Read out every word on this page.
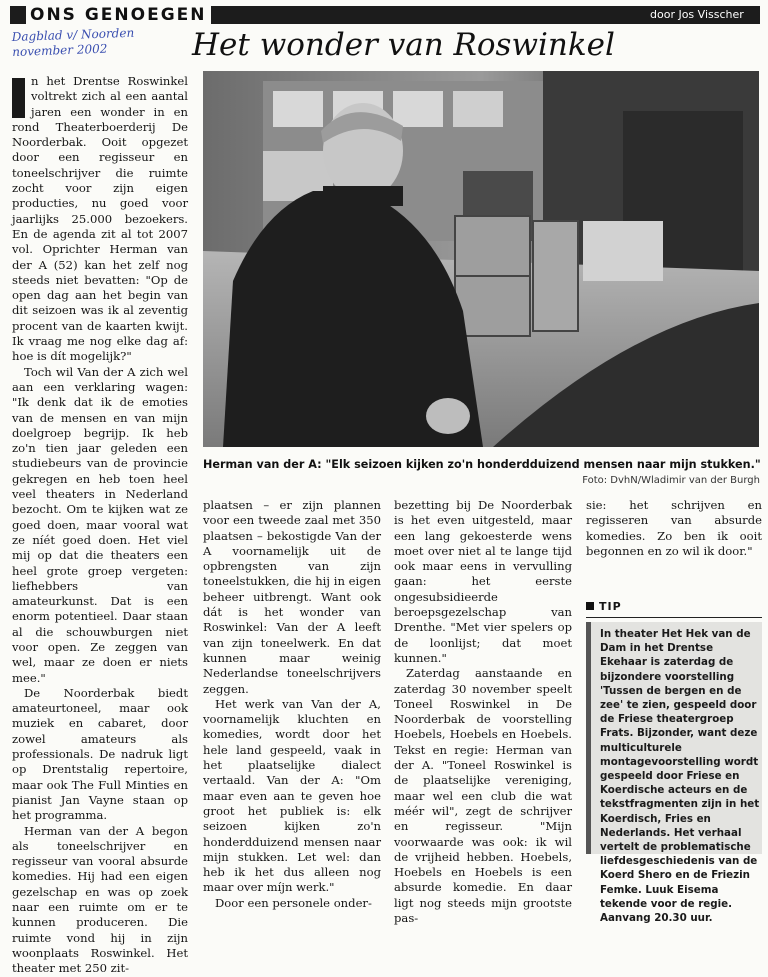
ONS GENOEGEN	door Jos Visscher
Dagblad v/ Noorden november 2002	Het wonder van Roswinkel

n het Drentse Roswinkel voltrekt zich al een aantal jaren een wonder in en rond Theaterboerderij De Noorderbak. Ooit opgezet door een regisseur en toneelschrijver die ruimte zocht voor zijn eigen producties, nu goed voor jaarlijks 25.000 bezoekers. En de agenda zit al tot 2007 vol. Oprichter Herman van der A (52) kan het zelf nog steeds niet bevatten: "Op de open dag aan het begin van dit seizoen was ik al zeventig procent van de kaarten kwijt. Ik vraag me nog elke dag af: hoe is dít mogelijk?"

Toch wil Van der A zich wel aan een verklaring wagen: "Ik denk dat ik de emoties van de mensen en van mijn doelgroep begrijp. Ik heb zo'n tien jaar geleden een studiebeurs van de provincie gekregen en heb toen heel veel theaters in Nederland bezocht. Om te kijken wat ze goed doen, maar vooral wat ze níét goed doen. Het viel mij op dat die theaters een heel grote groep vergeten: liefhebbers van amateurkunst. Dat is een enorm potentieel. Daar staan al die schouwburgen niet voor open. Ze zeggen van wel, maar ze doen er niets mee."

De Noorderbak biedt amateurtoneel, maar ook muziek en cabaret, door zowel amateurs als professionals. De nadruk ligt op Drentstalig repertoire, maar ook The Full Minties en pianist Jan Vayne staan op het programma.

Herman van der A begon als toneelschrijver en regisseur van vooral absurde komedies. Hij had een eigen gezelschap en was op zoek naar een ruimte om er te kunnen produceren. Die ruimte vond hij in zijn woonplaats Roswinkel. Het theater met 250 zit-

Herman van der A: "Elk seizoen kijken zo'n honderdduizend mensen naar mijn stukken."
Foto: DvhN/Wladimir van der Burgh

plaatsen – er zijn plannen voor een tweede zaal met 350 plaatsen – bekostigde Van der A voornamelijk uit de opbrengsten van zijn toneelstukken, die hij in eigen beheer uitbrengt. Want ook dát is het wonder van Roswinkel: Van der A leeft van zijn toneelwerk. En dat kunnen maar weinig Nederlandse toneelschrijvers zeggen.

Het werk van Van der A, voornamelijk kluchten en komedies, wordt door het hele land gespeeld, vaak in het plaatselijke dialect vertaald. Van der A: "Om maar even aan te geven hoe groot het publiek is: elk seizoen kijken zo'n honderdduizend mensen naar mijn stukken. Let wel: dan heb ik het dus alleen nog maar over míjn werk."

Door een personele onder-

bezetting bij De Noorderbak is het even uitgesteld, maar een lang gekoesterde wens moet over niet al te lange tijd ook maar eens in vervulling gaan: het eerste ongesubsidieerde beroepsgezelschap van Drenthe. "Met vier spelers op de loonlijst; dat moet kunnen."

Zaterdag aanstaande en zaterdag 30 november speelt Toneel Roswinkel in De Noorderbak de voorstelling Hoebels, Hoebels en Hoebels. Tekst en regie: Herman van der A. "Toneel Roswinkel is de plaatselijke vereniging, maar wel een club die wat méér wil", zegt de schrijver en regisseur. "Mijn voorwaarde was ook: ik wil de vrijheid hebben. Hoebels, Hoebels en Hoebels is een absurde komedie. En daar ligt nog steeds mijn grootste pas-

sie: het schrijven en regisseren van absurde komedies. Zo ben ik ooit begonnen en zo wil ik door."

TIP
In theater Het Hek van de Dam in het Drentse Ekehaar is zaterdag de bijzondere voorstelling 'Tussen de bergen en de zee' te zien, gespeeld door de Friese theatergroep Frats. Bijzonder, want deze multiculturele montagevoorstelling wordt gespeeld door Friese en Koerdische acteurs en de tekstfragmenten zijn in het Koerdisch, Fries en Nederlands. Het verhaal vertelt de problematische liefdesgeschiedenis van de Koerd Shero en de Friezin Femke. Luuk Eisema tekende voor de regie. Aanvang 20.30 uur.
